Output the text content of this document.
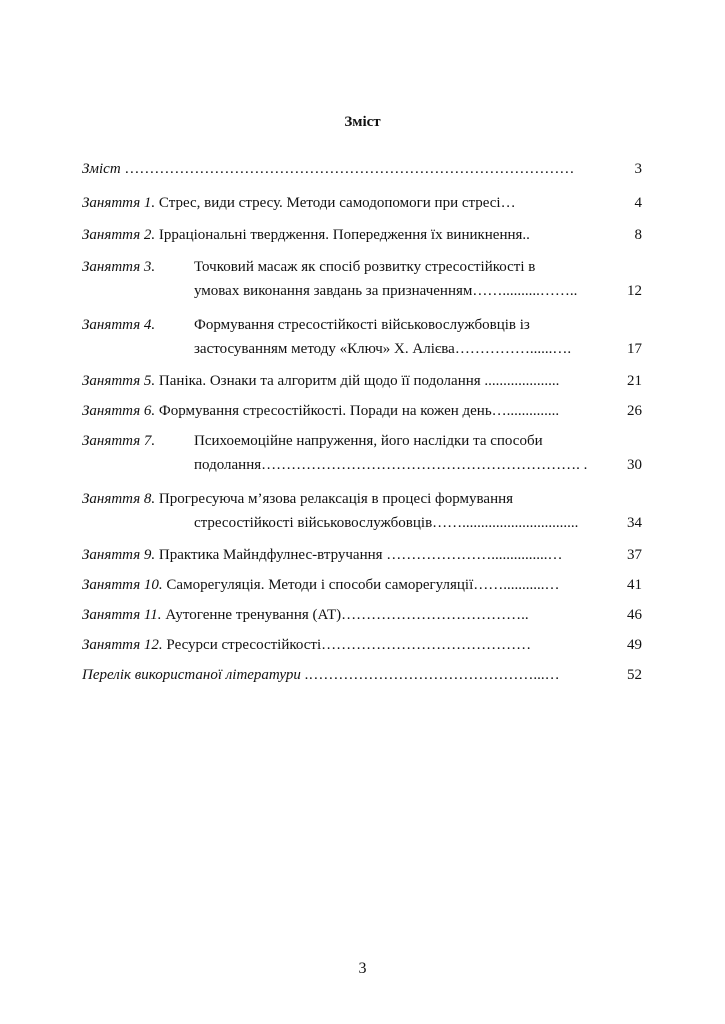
Зміст
Зміст ………………………………………………………………………………	3
Заняття 1. Стрес, види стресу. Методи самодопомоги при стресі…	4
Заняття 2. Ірраціональні твердження. Попередження їх виникнення..	8
Заняття 3.	Точковий масаж як спосіб розвитку стресостійкості в
умовах виконання завдань за призначенням……..........……..	12
Заняття 4.	Формування стресостійкості військовослужбовців із
застосуванням методу «Ключ» Х. Алієва……………......….	17
Заняття 5. Паніка. Ознаки та алгоритм дій щодо її подолання ....................	21
Заняття 6. Формування стресостійкості. Поради на кожен день…..............	26
Заняття 7.	Психоемоційне напруження, його наслідки та способи
подолання………………………………………………………. .	30
Заняття 8. Прогресуюча м’язова релаксація в процесі формування
стресостійкості військовослужбовців……...............................	34
Заняття 9. Практика Майндфулнес-втручання …………………...............…	37
Заняття 10. Саморегуляція. Методи і способи саморегуляції……...........…	41
Заняття 11. Аутогенне тренування (АТ)………………………………..	46
Заняття 12. Ресурси стресостійкості……………………………………	49
Перелік використаної літератури .………………………………………...…	52
3
